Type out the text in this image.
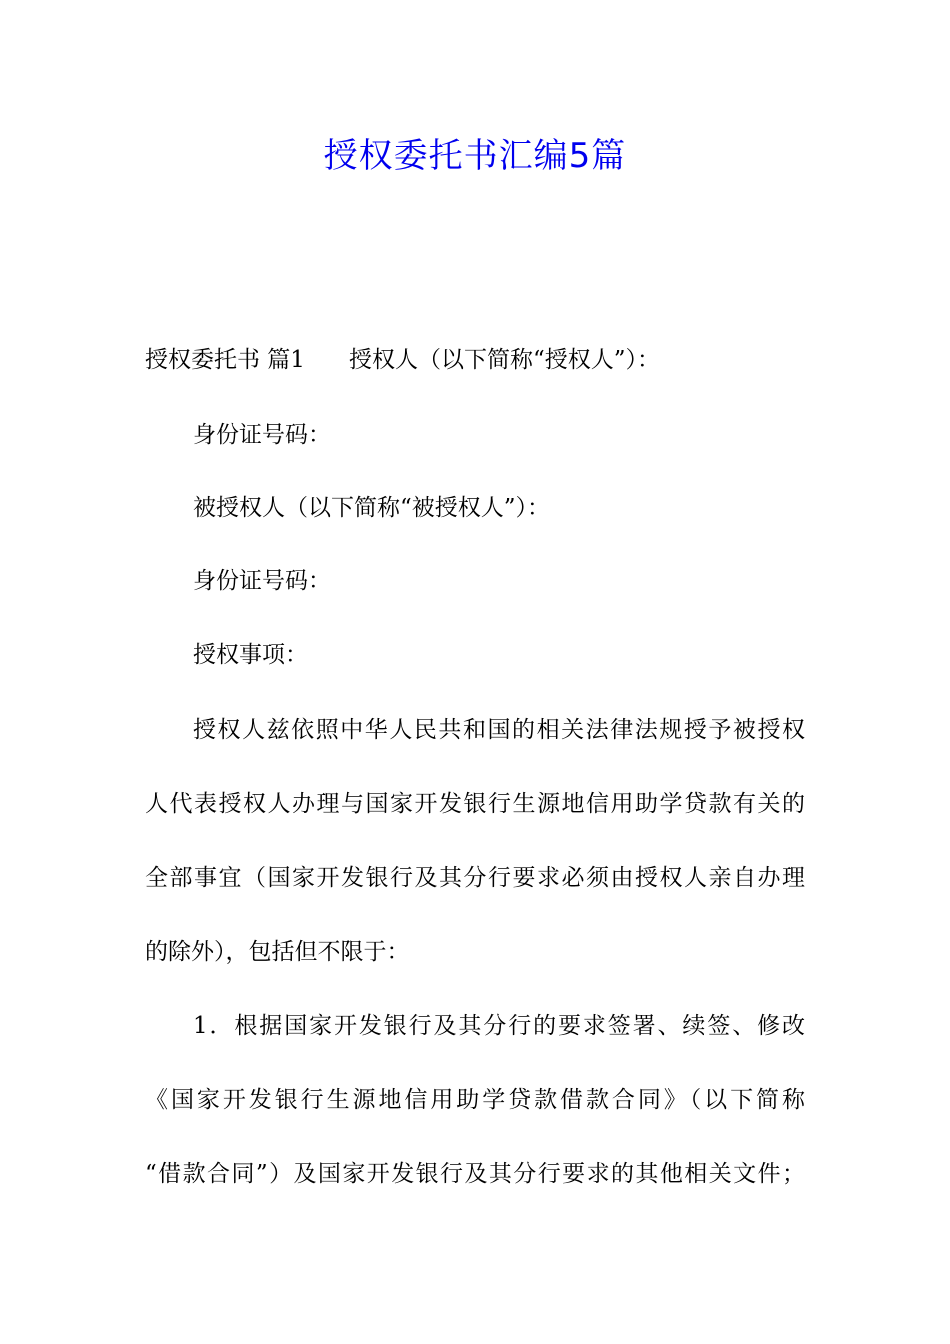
授权委托书汇编5篇
授权委托书 篇1 授权人（以下简称“授权人”）：
身份证号码：
被授权人（以下简称“被授权人”）：
身份证号码：
授权事项：
授权人兹依照中华人民共和国的相关法律法规授予被授权
人代表授权人办理与国家开发银行生源地信用助学贷款有关的
全部事宜（国家开发银行及其分行要求必须由授权人亲自办理
的除外），包括但不限于：
1．根据国家开发银行及其分行的要求签署、续签、修改
《国家开发银行生源地信用助学贷款借款合同》（以下简称
“借款合同”）及国家开发银行及其分行要求的其他相关文件；
